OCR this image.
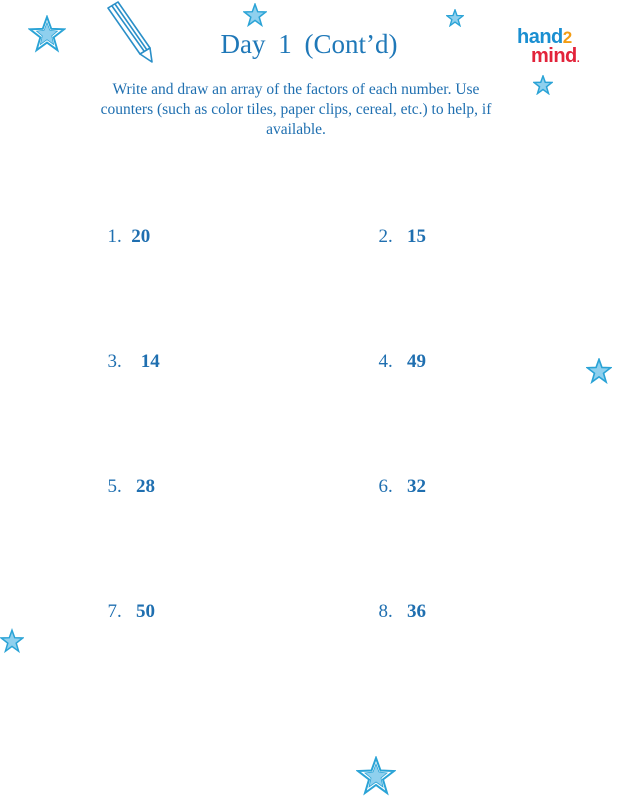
Day 1 (Cont’d)	hand2
mind.
Write and draw an array of the factors of each number. Use counters (such as color tiles, paper clips, cereal, etc.) to help, if available.

1. 20	2. 15

3. 14	4. 49

5. 28	6. 32

7. 50	8. 36
